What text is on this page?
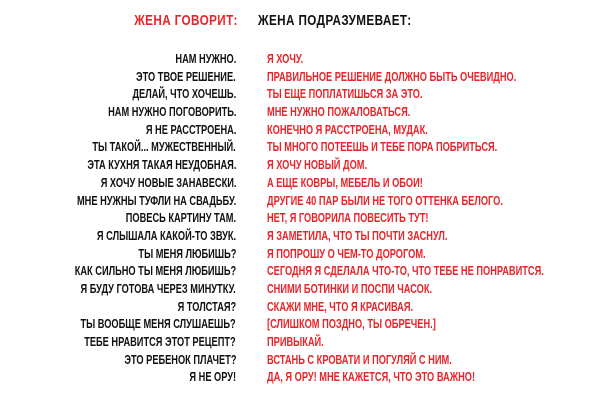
ЖЕНА ГОВОРИТ: ЖЕНА ПОДРАЗУМЕВАЕТ:
НАМ НУЖНО. Я ХОЧУ.
ЭТО ТВОЕ РЕШЕНИЕ. ПРАВИЛЬНОЕ РЕШЕНИЕ ДОЛЖНО БЫТЬ ОЧЕВИДНО.
ДЕЛАЙ, ЧТО ХОЧЕШЬ. ТЫ ЕЩЕ ПОПЛАТИШЬСЯ ЗА ЭТО.
НАМ НУЖНО ПОГОВОРИТЬ. МНЕ НУЖНО ПОЖАЛОВАТЬСЯ.
Я НЕ РАССТРОЕНА. КОНЕЧНО Я РАССТРОЕНА, МУДАК.
ТЫ ТАКОЙ... МУЖЕСТВЕННЫЙ. ТЫ МНОГО ПОТЕЕШЬ И ТЕБЕ ПОРА ПОБРИТЬСЯ.
ЭТА КУХНЯ ТАКАЯ НЕУДОБНАЯ. Я ХОЧУ НОВЫЙ ДОМ.
Я ХОЧУ НОВЫЕ ЗАНАВЕСКИ. А ЕЩЕ КОВРЫ, МЕБЕЛЬ И ОБОИ!
МНЕ НУЖНЫ ТУФЛИ НА СВАДЬБУ. ДРУГИЕ 40 ПАР БЫЛИ НЕ ТОГО ОТТЕНКА БЕЛОГО.
ПОВЕСЬ КАРТИНУ ТАМ. НЕТ, Я ГОВОРИЛА ПОВЕСИТЬ ТУТ!
Я СЛЫШАЛА КАКОЙ-ТО ЗВУК. Я ЗАМЕТИЛА, ЧТО ТЫ ПОЧТИ ЗАСНУЛ.
ТЫ МЕНЯ ЛЮБИШЬ? Я ПОПРОШУ О ЧЕМ-ТО ДОРОГОМ.
КАК СИЛЬНО ТЫ МЕНЯ ЛЮБИШЬ? СЕГОДНЯ Я СДЕЛАЛА ЧТО-ТО, ЧТО ТЕБЕ НЕ ПОНРАВИТСЯ.
Я БУДУ ГОТОВА ЧЕРЕЗ МИНУТКУ. СНИМИ БОТИНКИ И ПОСПИ ЧАСОК.
Я ТОЛСТАЯ? СКАЖИ МНЕ, ЧТО Я КРАСИВАЯ.
ТЫ ВООБЩЕ МЕНЯ СЛУШАЕШЬ? [СЛИШКОМ ПОЗДНО, ТЫ ОБРЕЧЕН.]
ТЕБЕ НРАВИТСЯ ЭТОТ РЕЦЕПТ? ПРИВЫКАЙ.
ЭТО РЕБЕНОК ПЛАЧЕТ? ВСТАНЬ С КРОВАТИ И ПОГУЛЯЙ С НИМ.
Я НЕ ОРУ! ДА, Я ОРУ! МНЕ КАЖЕТСЯ, ЧТО ЭТО ВАЖНО!
